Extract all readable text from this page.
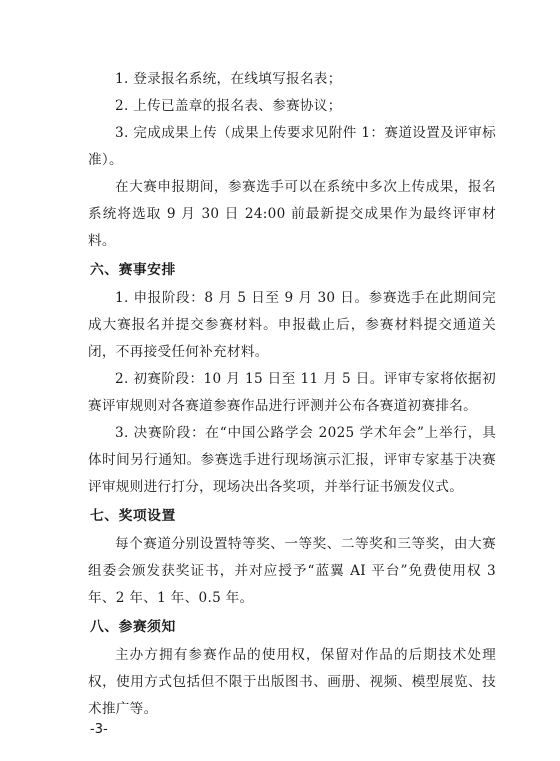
1. 登录报名系统，在线填写报名表；

2. 上传已盖章的报名表、参赛协议；

3. 完成成果上传（成果上传要求见附件 1：赛道设置及评审标准）。

在大赛申报期间，参赛选手可以在系统中多次上传成果，报名系统将选取 9 月 30 日 24:00 前最新提交成果作为最终评审材料。

六、赛事安排

1. 申报阶段：8 月 5 日至 9 月 30 日。参赛选手在此期间完成大赛报名并提交参赛材料。申报截止后，参赛材料提交通道关闭，不再接受任何补充材料。

2. 初赛阶段：10 月 15 日至 11 月 5 日。评审专家将依据初赛评审规则对各赛道参赛作品进行评测并公布各赛道初赛排名。

3. 决赛阶段：在“中国公路学会 2025 学术年会”上举行，具体时间另行通知。参赛选手进行现场演示汇报，评审专家基于决赛评审规则进行打分，现场决出各奖项，并举行证书颁发仪式。

七、奖项设置

每个赛道分别设置特等奖、一等奖、二等奖和三等奖，由大赛组委会颁发获奖证书，并对应授予“蓝翼 AI 平台”免费使用权 3 年、2 年、1 年、0.5 年。

八、参赛须知

主办方拥有参赛作品的使用权，保留对作品的后期技术处理权，使用方式包括但不限于出版图书、画册、视频、模型展览、技术推广等。

-3-
